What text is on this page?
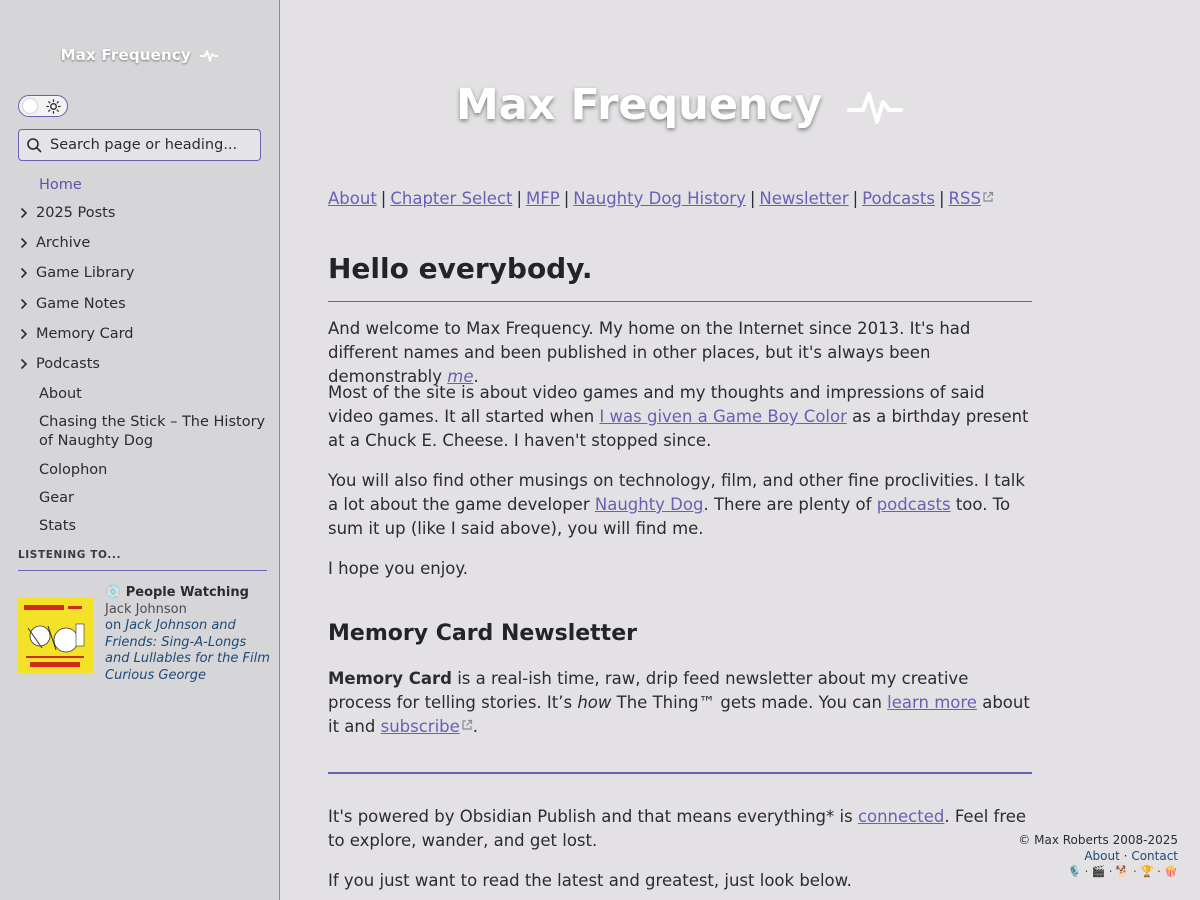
Max Frequency
Search page or heading...
Home
2025 Posts
Archive
Game Library
Game Notes
Memory Card
Podcasts
About
Chasing the Stick – The History of Naughty Dog
Colophon
Gear
Stats
LISTENING TO...
💿 People Watching
Jack Johnson
on Jack Johnson and Friends: Sing-A-Longs and Lullables for the Film Curious George
Max Frequency
About | Chapter Select | MFP | Naughty Dog History | Newsletter | Podcasts | RSS
Hello everybody.

And welcome to Max Frequency. My home on the Internet since 2013. It's had different names and been published in other places, but it's always been demonstrably me.

Most of the site is about video games and my thoughts and impressions of said video games. It all started when I was given a Game Boy Color as a birthday present at a Chuck E. Cheese. I haven't stopped since.

You will also find other musings on technology, film, and other fine proclivities. I talk a lot about the game developer Naughty Dog. There are plenty of podcasts too. To sum it up (like I said above), you will find me.

I hope you enjoy.

Memory Card Newsletter

Memory Card is a real-ish time, raw, drip feed newsletter about my creative process for telling stories. It’s how The Thing™ gets made. You can learn more about it and subscribe .

It's powered by Obsidian Publish and that means everything* is connected. Feel free to explore, wander, and get lost.

If you just want to read the latest and greatest, just look below.

© Max Roberts 2008-2025
About · Contact
🎙️ · 🎬 · 🐕 · 🏆 · 🍿
